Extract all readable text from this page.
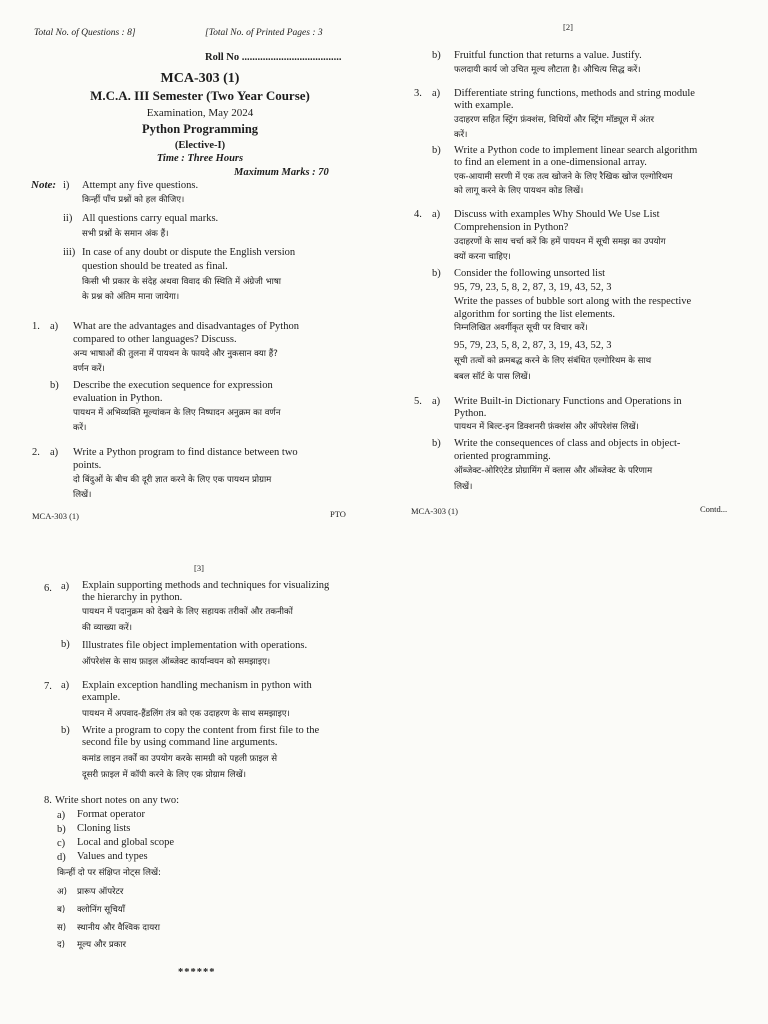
Total No. of Questions : 8]	[Total No. of Printed Pages : 3
Roll No ......................................
MCA-303 (1)
M.C.A. III Semester (Two Year Course)
Examination, May 2024
Python Programming
(Elective-I)
Time : Three Hours
Maximum Marks : 70
Note: i) Attempt any five questions.
किन्हीं पाँच प्रश्नों को हल कीजिए।
ii) All questions carry equal marks.
सभी प्रश्नों के समान अंक हैं।
iii) In case of any doubt or dispute the English version
question should be treated as final.
किसी भी प्रकार के संदेह अथवा विवाद की स्थिति में अंग्रेजी भाषा
के प्रश्न को अंतिम माना जायेगा।
1. a) What are the advantages and disadvantages of Python
compared to other languages? Discuss.
अन्य भाषाओं की तुलना में पायथन के फायदे और नुकसान क्या हैं?
वर्णन करें।
b) Describe the execution sequence for expression
evaluation in Python.
पायथन में अभिव्यक्ति मूल्यांकन के लिए निष्पादन अनुक्रम का वर्णन
करें।
2. a) Write a Python program to find distance between two
points.
दो बिंदुओं के बीच की दूरी ज्ञात करने के लिए एक पायथन प्रोग्राम
लिखें।
MCA-303 (1)	PTO
[2]
b) Fruitful function that returns a value. Justify.
फलदायी कार्य जो उचित मूल्य लौटाता है। औचित्य सिद्ध करें।
3. a) Differentiate string functions, methods and string module
with example.
उदाहरण सहित स्ट्रिंग फ़ंक्शंस, विधियों और स्ट्रिंग मॉड्यूल में अंतर
करें।
b) Write a Python code to implement linear search algorithm
to find an element in a one-dimensional array.
एक-आयामी सरणी में एक तत्व खोजने के लिए रैखिक खोज एल्गोरिथम
को लागू करने के लिए पायथन कोड लिखें।
4. a) Discuss with examples Why Should We Use List
Comprehension in Python?
उदाहरणों के साथ चर्चा करें कि हमें पायथन में सूची समझ का उपयोग
क्यों करना चाहिए।
b) Consider the following unsorted list
95, 79, 23, 5, 8, 2, 87, 3, 19, 43, 52, 3
Write the passes of bubble sort along with the respective
algorithm for sorting the list elements.
निम्नलिखित अवर्गीकृत सूची पर विचार करें।
95, 79, 23, 5, 8, 2, 87, 3, 19, 43, 52, 3
सूची तत्वों को क्रमबद्ध करने के लिए संबंधित एल्गोरिथम के साथ
बबल सॉर्ट के पास लिखें।
5. a) Write Built-in Dictionary Functions and Operations in
Python.
पायथन में बिल्ट-इन डिक्शनरी फ़ंक्शंस और ऑपरेशंस लिखें।
b) Write the consequences of class and objects in object-
oriented programming.
ऑब्जेक्ट-ओरिएंटेड प्रोग्रामिंग में क्लास और ऑब्जेक्ट के परिणाम
लिखें।
MCA-303 (1)	Contd...
[3]
6. a) Explain supporting methods and techniques for visualizing
the hierarchy in python.
पायथन में पदानुक्रम को देखने के लिए सहायक तरीकों और तकनीकों
की व्याख्या करें।
b) Illustrates file object implementation with operations.
ऑपरेशंस के साथ फ़ाइल ऑब्जेक्ट कार्यान्वयन को समझाइए।
7. a) Explain exception handling mechanism in python with
example.
पायथन में अपवाद-हैंडलिंग तंत्र को एक उदाहरण के साथ समझाइए।
b) Write a program to copy the content from first file to the
second file by using command line arguments.
कमांड लाइन तर्कों का उपयोग करके सामग्री को पहली फ़ाइल से
दूसरी फ़ाइल में कॉपी करने के लिए एक प्रोग्राम लिखें।
8. Write short notes on any two:
a) Format operator
b) Cloning lists
c) Local and global scope
d) Values and types
किन्हीं दो पर संक्षिप्त नोट्स लिखें:
अ) प्रारूप ऑपरेटर
ब) क्लोनिंग सूचियाँ
स) स्थानीय और वैश्विक दायरा
द) मूल्य और प्रकार
******
